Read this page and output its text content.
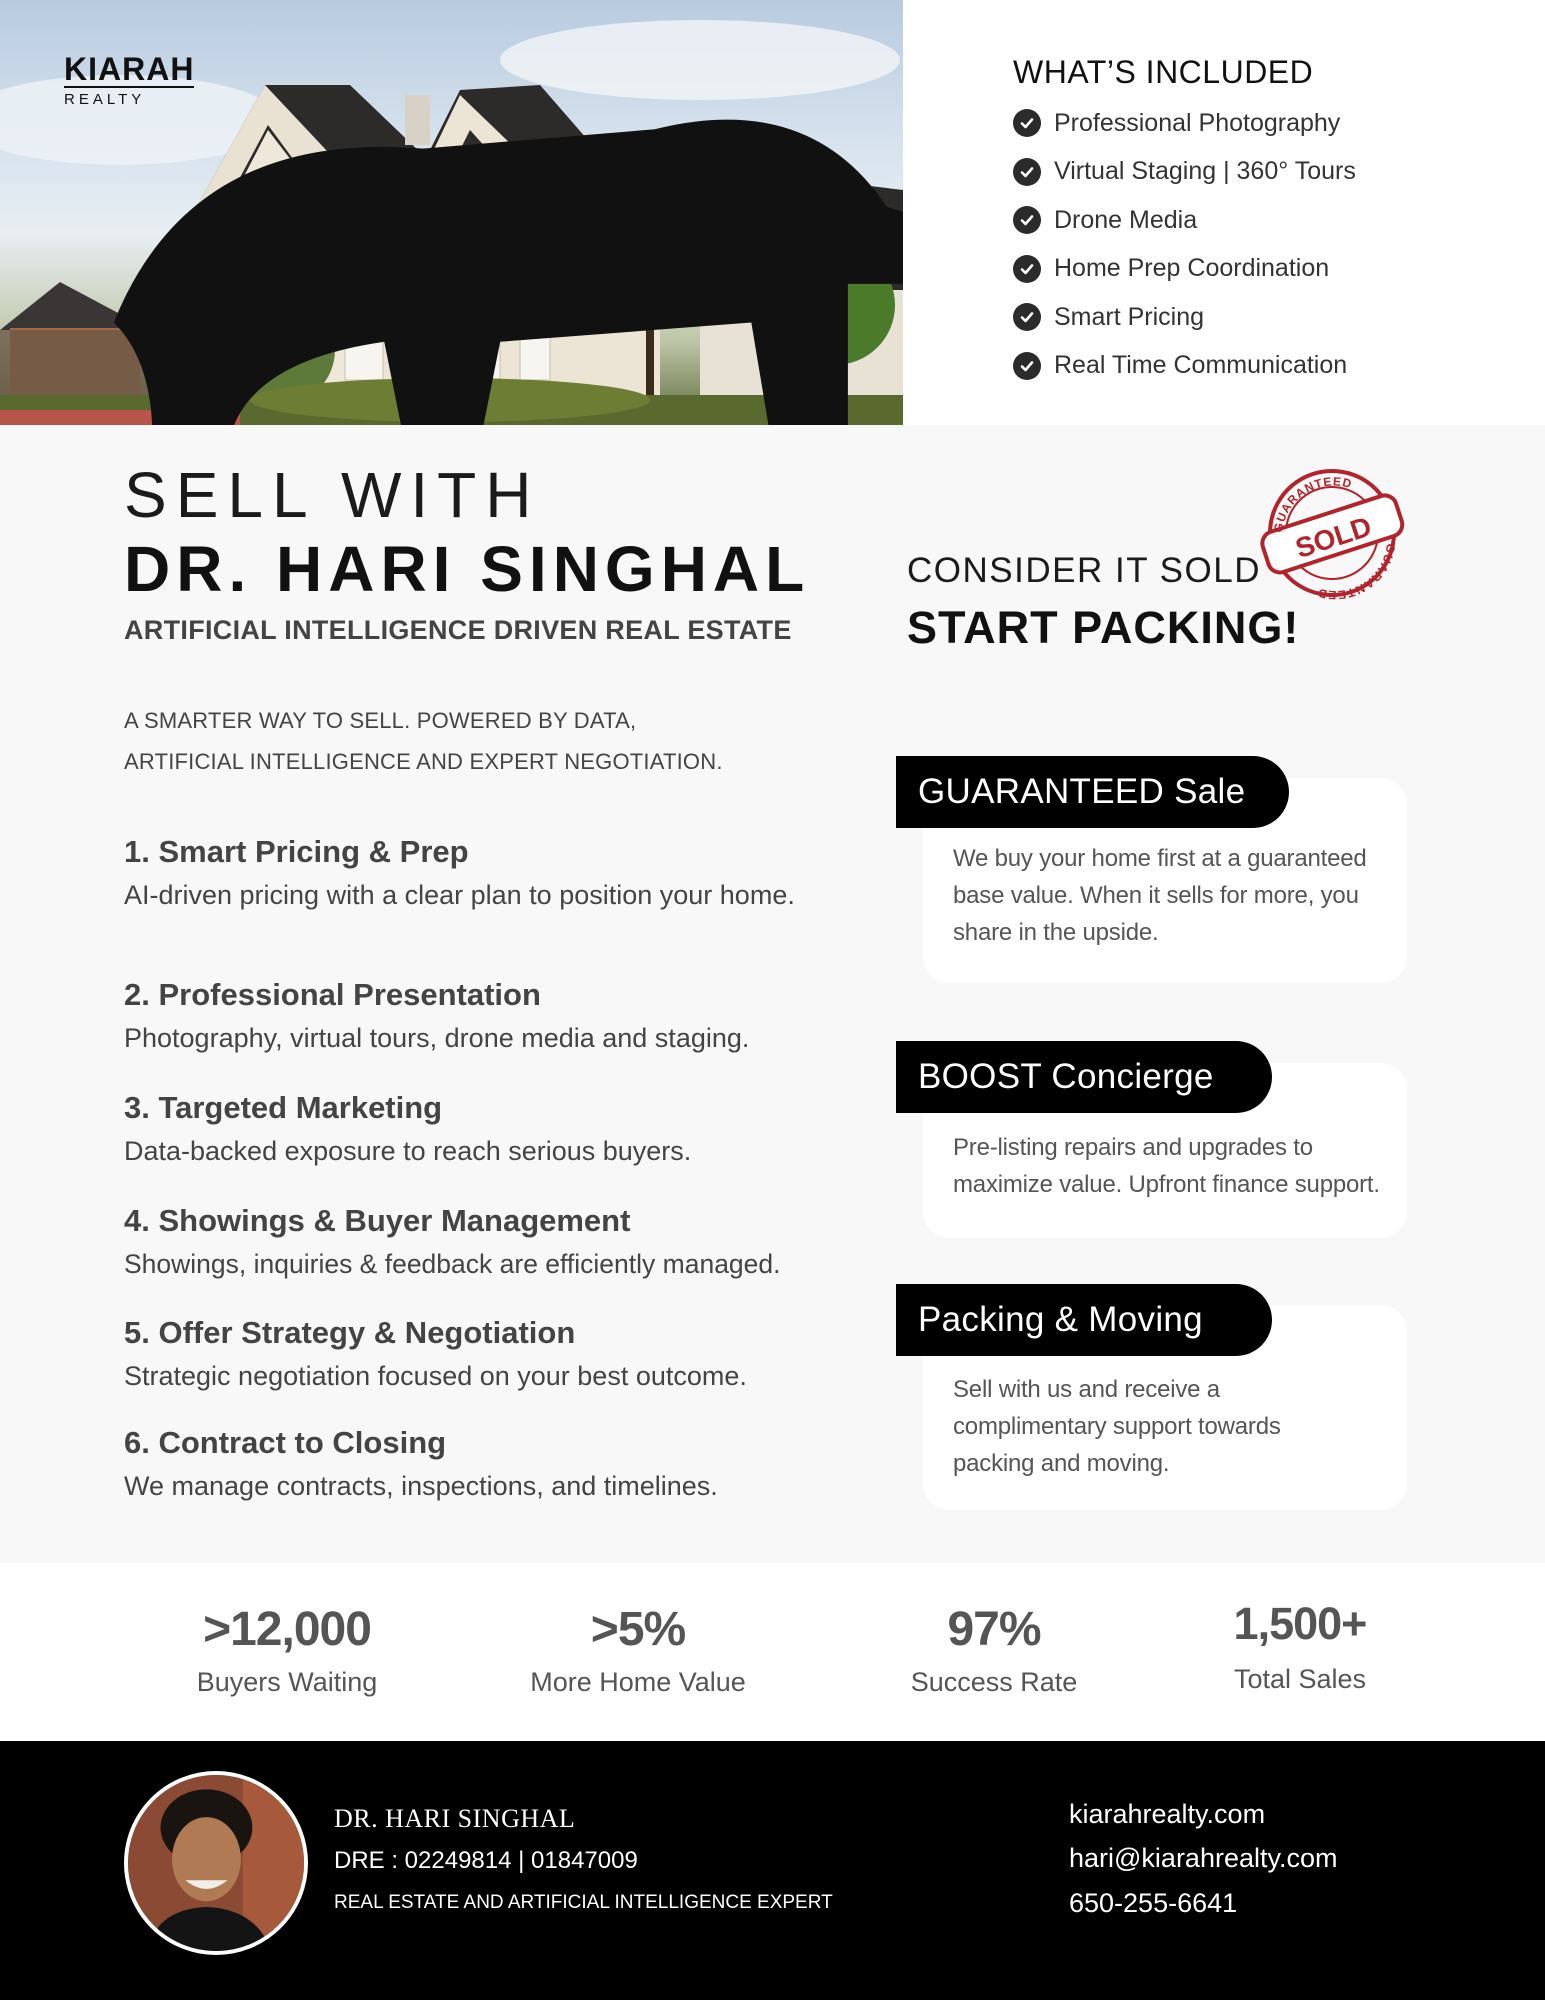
KIARAH
REALTY
WHAT’S INCLUDED
Professional Photography
Virtual Staging | 360° Tours
Drone Media
Home Prep Coordination
Smart Pricing
Real Time Communication
SELL WITH
DR. HARI SINGHAL
ARTIFICIAL INTELLIGENCE DRIVEN REAL ESTATE
A SMARTER WAY TO SELL. POWERED BY DATA,
ARTIFICIAL INTELLIGENCE AND EXPERT NEGOTIATION.
1. Smart Pricing & Prep
AI-driven pricing with a clear plan to position your home.
2. Professional Presentation
Photography, virtual tours, drone media and staging.
3. Targeted Marketing
Data-backed exposure to reach serious buyers.
4. Showings & Buyer Management
Showings, inquiries & feedback are efficiently managed.
5. Offer Strategy & Negotiation
Strategic negotiation focused on your best outcome.
6. Contract to Closing
We manage contracts, inspections, and timelines.
CONSIDER IT SOLD
START PACKING!
GUARANTEED
SOLD GUARANTEED
We buy your home first at a guaranteed
base value. When it sells for more, you
share in the upside.
GUARANTEED Sale
Pre-listing repairs and upgrades to
maximize value. Upfront finance support.
BOOST Concierge
Sell with us and receive a
complimentary support towards
packing and moving.
Packing & Moving
>12,000
Buyers Waiting
>5%
More Home Value
97%
Success Rate
1,500+
Total Sales
DR. HARI SINGHAL
DRE : 02249814 | 01847009
REAL ESTATE AND ARTIFICIAL INTELLIGENCE EXPERT
kiarahrealty.com
hari@kiarahrealty.com
650-255-6641
